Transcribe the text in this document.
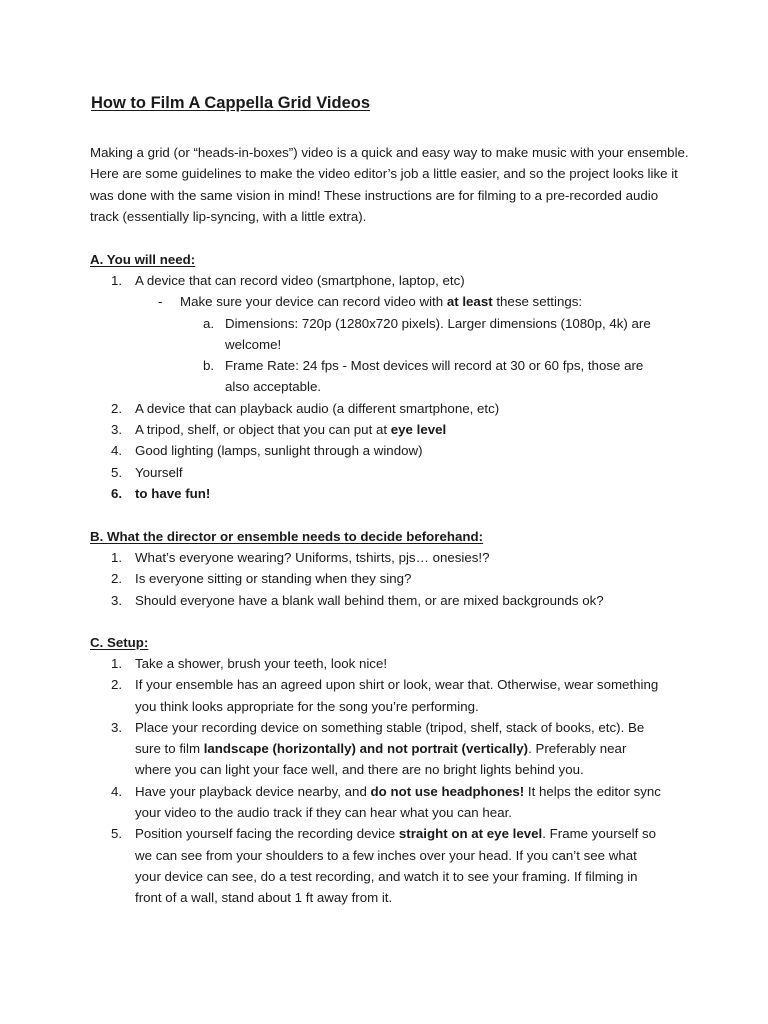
How to Film A Cappella Grid Videos

Making a grid (or “heads-in-boxes”) video is a quick and easy way to make music with your ensemble. Here are some guidelines to make the video editor’s job a little easier, and so the project looks like it was done with the same vision in mind! These instructions are for filming to a pre-recorded audio track (essentially lip-syncing, with a little extra).

A. You will need:
1. A device that can record video (smartphone, laptop, etc)
- Make sure your device can record video with at least these settings:
a. Dimensions: 720p (1280x720 pixels). Larger dimensions (1080p, 4k) are welcome!
b. Frame Rate: 24 fps - Most devices will record at 30 or 60 fps, those are also acceptable.
2. A device that can playback audio (a different smartphone, etc)
3. A tripod, shelf, or object that you can put at eye level
4. Good lighting (lamps, sunlight through a window)
5. Yourself
6. to have fun!
B. What the director or ensemble needs to decide beforehand:
1. What’s everyone wearing? Uniforms, tshirts, pjs… onesies!?
2. Is everyone sitting or standing when they sing?
3. Should everyone have a blank wall behind them, or are mixed backgrounds ok?
C. Setup:
1. Take a shower, brush your teeth, look nice!
2. If your ensemble has an agreed upon shirt or look, wear that. Otherwise, wear something you think looks appropriate for the song you’re performing.
3. Place your recording device on something stable (tripod, shelf, stack of books, etc). Be sure to film landscape (horizontally) and not portrait (vertically). Preferably near where you can light your face well, and there are no bright lights behind you.
4. Have your playback device nearby, and do not use headphones! It helps the editor sync your video to the audio track if they can hear what you can hear.
5. Position yourself facing the recording device straight on at eye level. Frame yourself so we can see from your shoulders to a few inches over your head. If you can’t see what your device can see, do a test recording, and watch it to see your framing. If filming in front of a wall, stand about 1 ft away from it.
